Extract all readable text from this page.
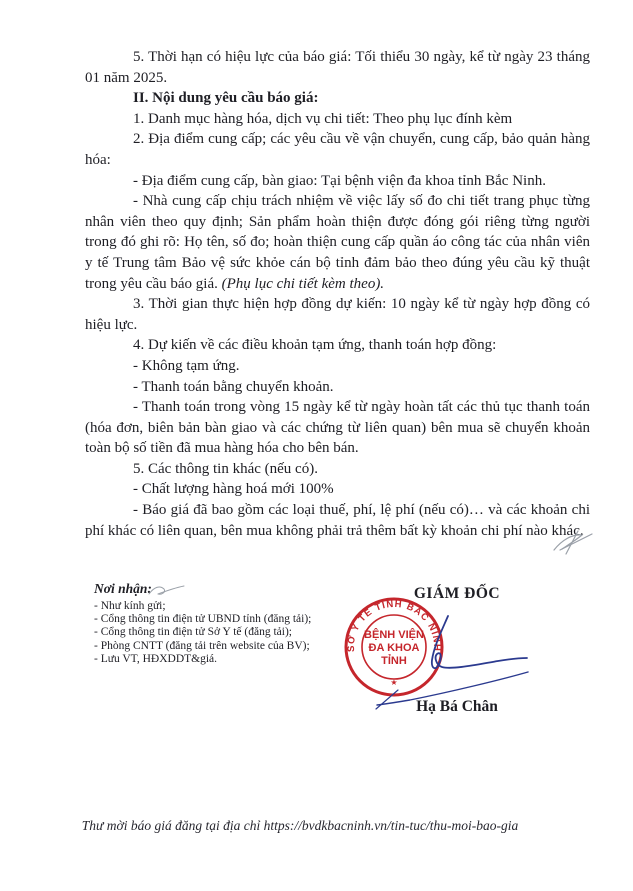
5. Thời hạn có hiệu lực của báo giá: Tối thiểu 30 ngày, kể từ ngày 23 tháng 01 năm 2025.

II. Nội dung yêu cầu báo giá:

1. Danh mục hàng hóa, dịch vụ chi tiết: Theo phụ lục đính kèm

2. Địa điểm cung cấp; các yêu cầu về vận chuyển, cung cấp, bảo quản hàng hóa:

- Địa điểm cung cấp, bàn giao: Tại bệnh viện đa khoa tỉnh Bắc Ninh.

- Nhà cung cấp chịu trách nhiệm về việc lấy số đo chi tiết trang phục từng nhân viên theo quy định; Sản phẩm hoàn thiện được đóng gói riêng từng người trong đó ghi rõ: Họ tên, số đo; hoàn thiện cung cấp quần áo công tác của nhân viên y tế Trung tâm Bảo vệ sức khỏe cán bộ tỉnh đảm bảo theo đúng yêu cầu kỹ thuật trong yêu cầu báo giá. (Phụ lục chi tiết kèm theo).

3. Thời gian thực hiện hợp đồng dự kiến: 10 ngày kể từ ngày hợp đồng có hiệu lực.

4. Dự kiến về các điều khoản tạm ứng, thanh toán hợp đồng:

- Không tạm ứng.

- Thanh toán bằng chuyển khoản.

- Thanh toán trong vòng 15 ngày kể từ ngày hoàn tất các thủ tục thanh toán (hóa đơn, biên bản bàn giao và các chứng từ liên quan) bên mua sẽ chuyển khoản toàn bộ số tiền đã mua hàng hóa cho bên bán.

5. Các thông tin khác (nếu có).

- Chất lượng hàng hoá mới 100%

- Báo giá đã bao gồm các loại thuế, phí, lệ phí (nếu có)… và các khoản chi phí khác có liên quan, bên mua không phải trả thêm bất kỳ khoản chi phí nào khác.

Nơi nhận:

- Như kính gửi;
- Cổng thông tin điện tử UBND tỉnh (đăng tải);
- Cổng thông tin điện tử Sở Y tế (đăng tải);
- Phòng CNTT (đăng tải trên website của BV);
- Lưu VT, HĐXDDT&giá.
GIÁM ĐỐC
SỞ Y TẾ TỈNH BẮC NINH
BỆNH VIỆN
ĐA KHOA
TỈNH
★
Hạ Bá Chân
Thư mời báo giá đăng tại địa chỉ https://bvdkbacninh.vn/tin-tuc/thu-moi-bao-gia
